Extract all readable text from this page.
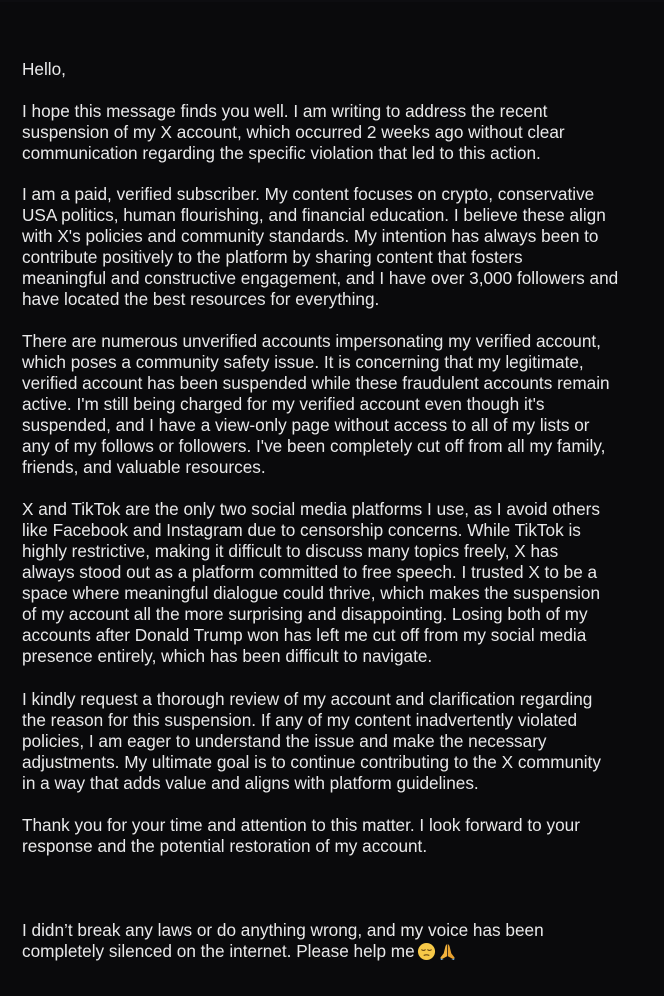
Hello,

I hope this message finds you well. I am writing to address the recent
suspension of my X account, which occurred 2 weeks ago without clear
communication regarding the specific violation that led to this action.

I am a paid, verified subscriber. My content focuses on crypto, conservative
USA politics, human flourishing, and financial education. I believe these align
with X's policies and community standards. My intention has always been to
contribute positively to the platform by sharing content that fosters
meaningful and constructive engagement, and I have over 3,000 followers and
have located the best resources for everything.

There are numerous unverified accounts impersonating my verified account,
which poses a community safety issue. It is concerning that my legitimate,
verified account has been suspended while these fraudulent accounts remain
active. I'm still being charged for my verified account even though it's
suspended, and I have a view-only page without access to all of my lists or
any of my follows or followers. I've been completely cut off from all my family,
friends, and valuable resources.

X and TikTok are the only two social media platforms I use, as I avoid others
like Facebook and Instagram due to censorship concerns. While TikTok is
highly restrictive, making it difficult to discuss many topics freely, X has
always stood out as a platform committed to free speech. I trusted X to be a
space where meaningful dialogue could thrive, which makes the suspension
of my account all the more surprising and disappointing. Losing both of my
accounts after Donald Trump won has left me cut off from my social media
presence entirely, which has been difficult to navigate.

I kindly request a thorough review of my account and clarification regarding
the reason for this suspension. If any of my content inadvertently violated
policies, I am eager to understand the issue and make the necessary
adjustments. My ultimate goal is to continue contributing to the X community
in a way that adds value and aligns with platform guidelines.

Thank you for your time and attention to this matter. I look forward to your
response and the potential restoration of my account.

I didn’t break any laws or do anything wrong, and my voice has been
completely silenced on the internet. Please help me
